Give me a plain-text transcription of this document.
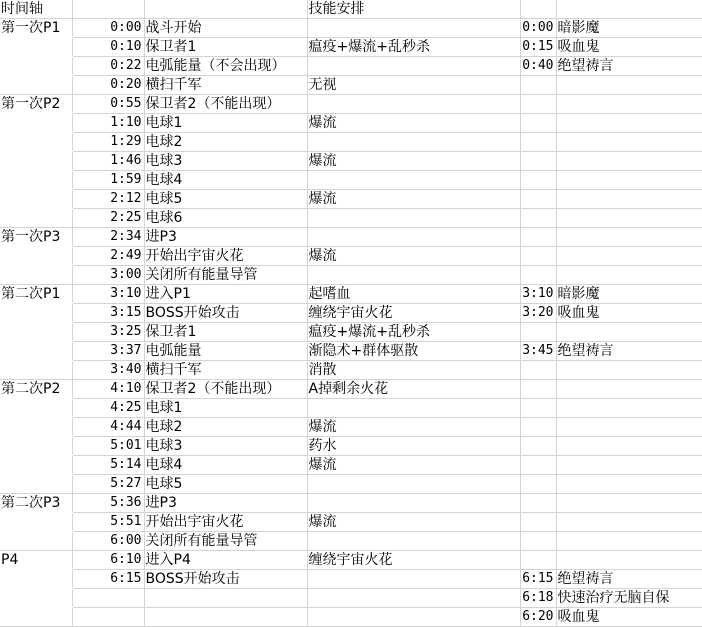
时间轴			技能安排		
第一次P1	0:00	战斗开始		0:00	暗影魔
	0:10	保卫者1	瘟疫+爆流+乱秒杀	0:15	吸血鬼
	0:22	电弧能量（不会出现）		0:40	绝望祷言
	0:20	横扫千军	无视		
第一次P2	0:55	保卫者2（不能出现）			
	1:10	电球1	爆流		
	1:29	电球2			
	1:46	电球3	爆流		
	1:59	电球4			
	2:12	电球5	爆流		
	2:25	电球6			
第一次P3	2:34	进P3			
	2:49	开始出宇宙火花	爆流		
	3:00	关闭所有能量导管			
第二次P1	3:10	进入P1	起嗜血	3:10	暗影魔
	3:15	BOSS开始攻击	缠绕宇宙火花	3:20	吸血鬼
	3:25	保卫者1	瘟疫+爆流+乱秒杀		
	3:37	电弧能量	渐隐术+群体驱散	3:45	绝望祷言
	3:40	横扫千军	消散		
第二次P2	4:10	保卫者2（不能出现）	A掉剩余火花		
	4:25	电球1			
	4:44	电球2	爆流		
	5:01	电球3	药水		
	5:14	电球4	爆流		
	5:27	电球5			
第二次P3	5:36	进P3			
	5:51	开始出宇宙火花	爆流		
	6:00	关闭所有能量导管			
P4	6:10	进入P4	缠绕宇宙火花		
	6:15	BOSS开始攻击		6:15	绝望祷言
				6:18	快速治疗无脑自保
				6:20	吸血鬼
